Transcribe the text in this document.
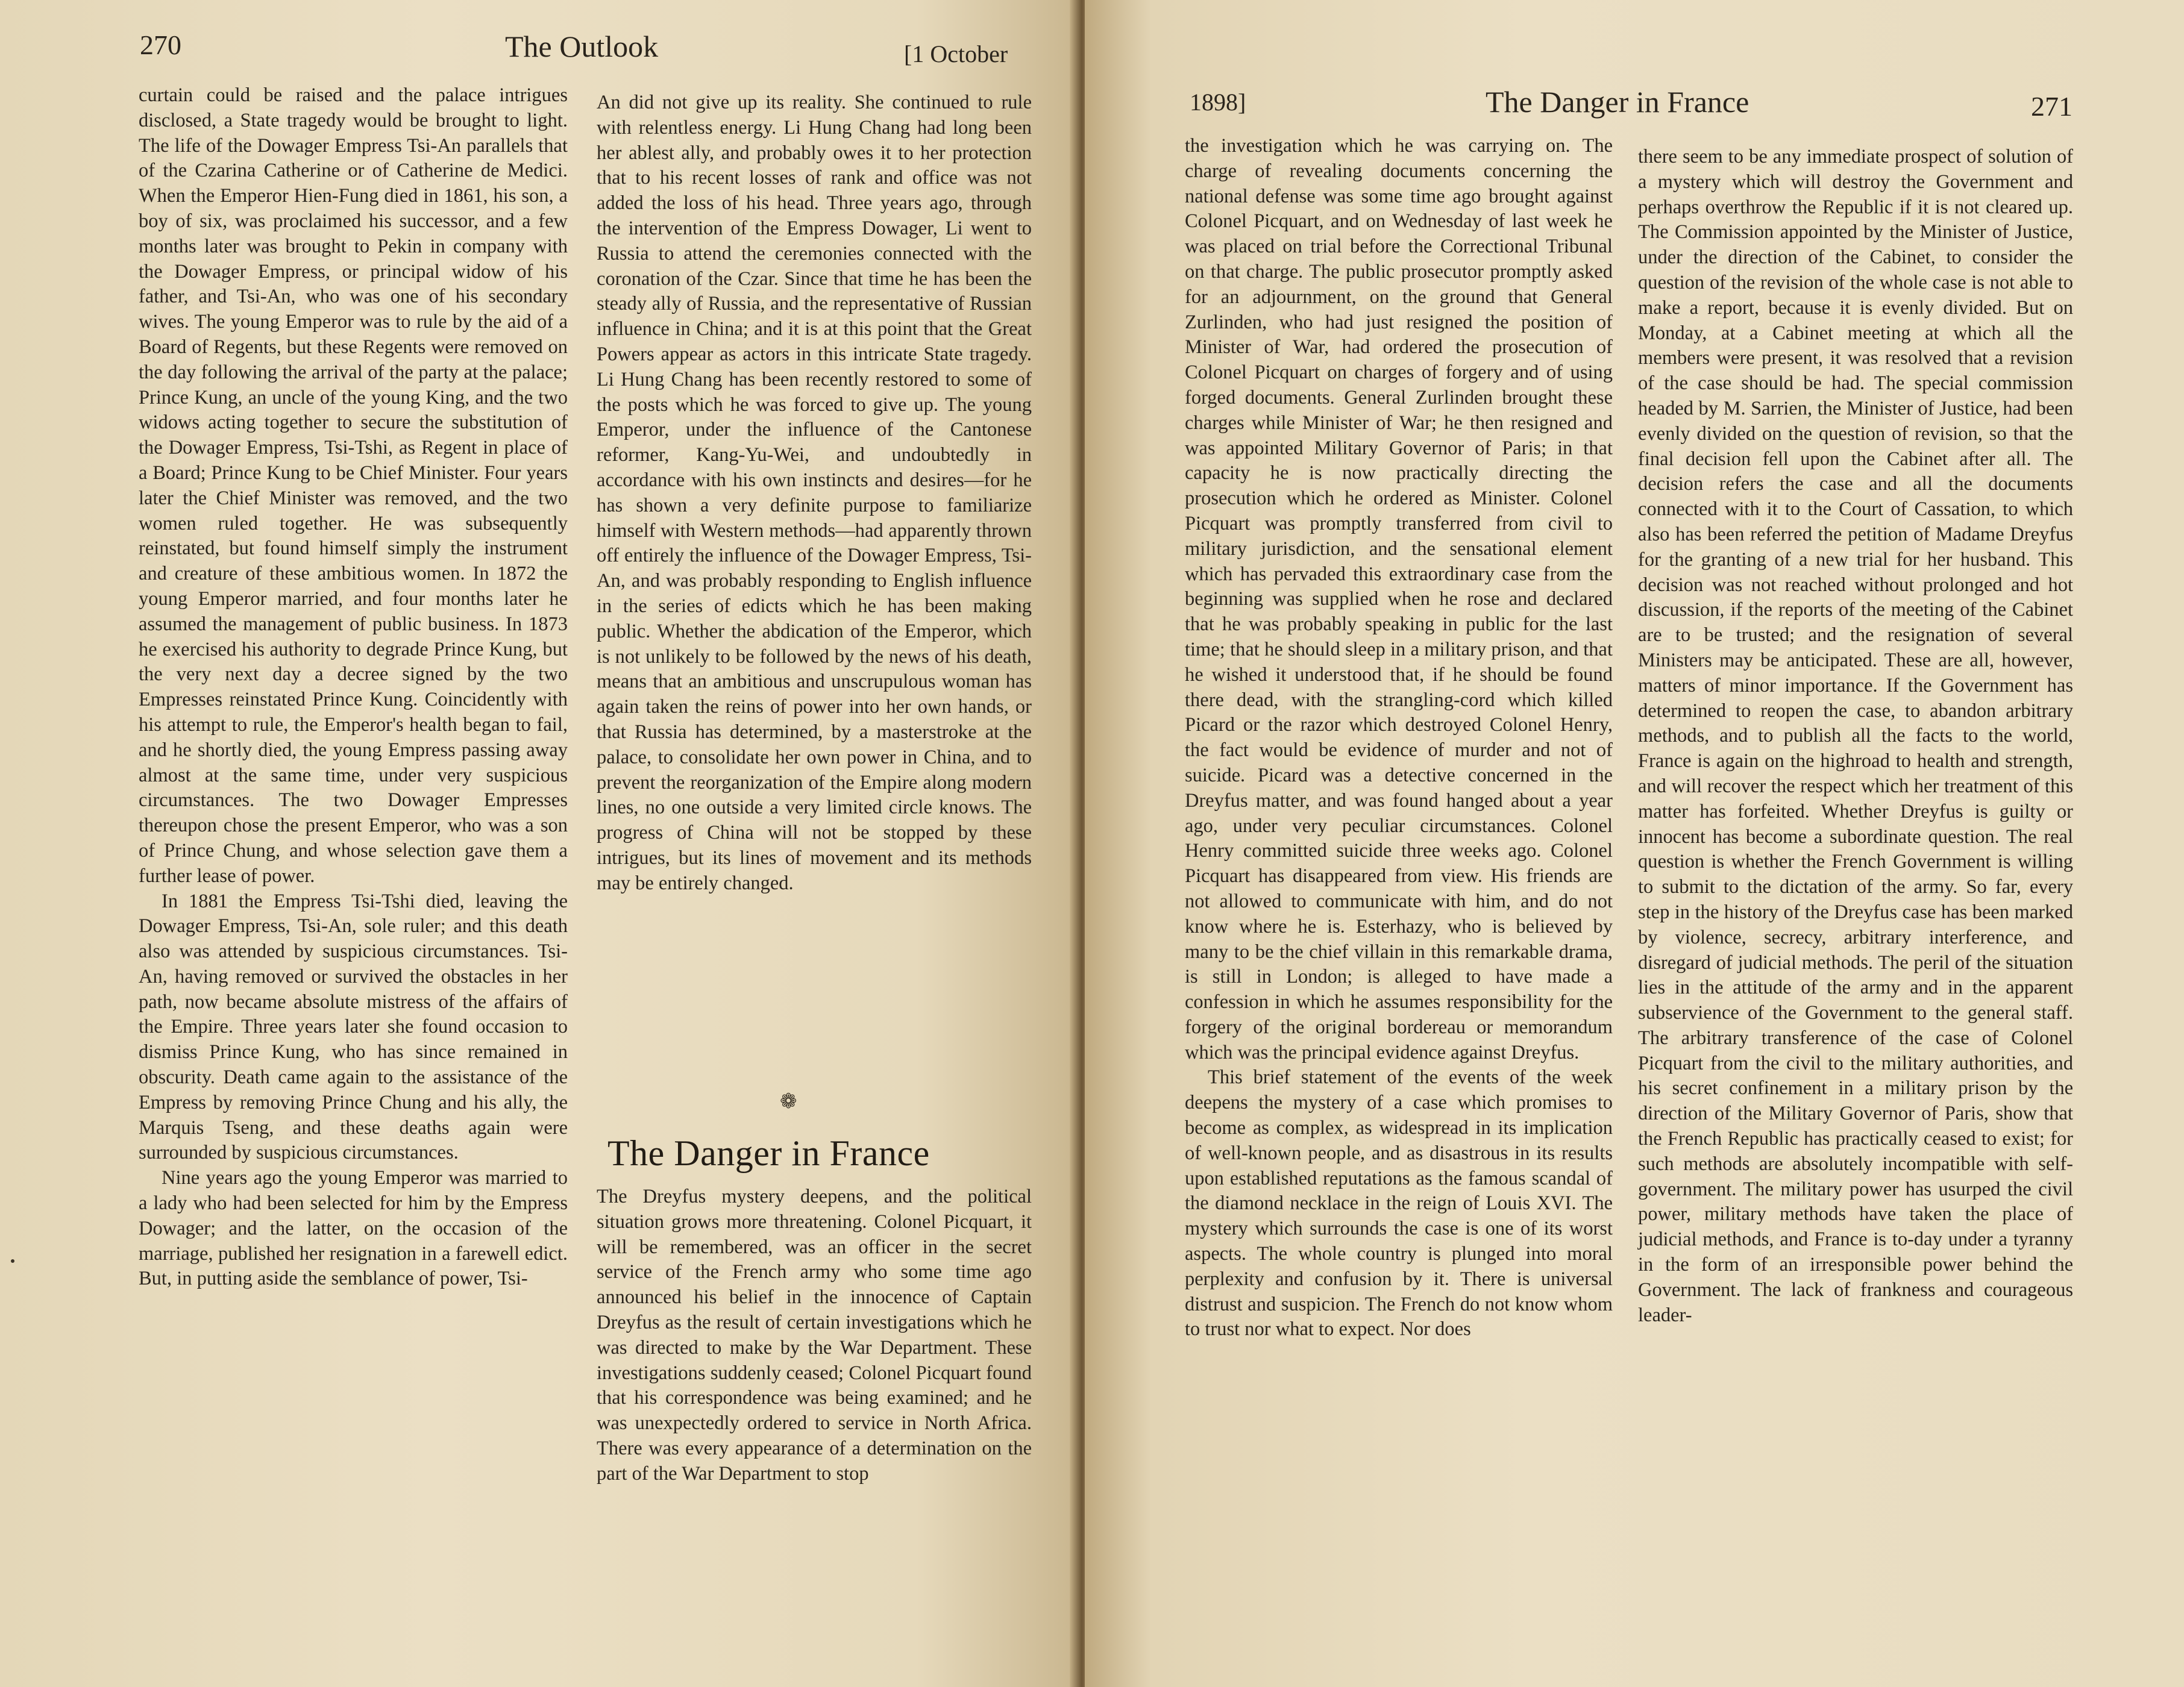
270	The Outlook	[1 October

curtain could be raised and the palace intrigues disclosed, a State tragedy would be brought to light. The life of the Dowager Empress Tsi-An parallels that of the Czarina Catherine or of Catherine de Medici. When the Emperor Hien-Fung died in 1861, his son, a boy of six, was proclaimed his successor, and a few months later was brought to Pekin in company with the Dowager Empress, or principal widow of his father, and Tsi-An, who was one of his secondary wives. The young Emperor was to rule by the aid of a Board of Regents, but these Regents were removed on the day following the arrival of the party at the palace; Prince Kung, an uncle of the young King, and the two widows acting together to secure the substitution of the Dowager Empress, Tsi-Tshi, as Regent in place of a Board; Prince Kung to be Chief Minister. Four years later the Chief Minister was removed, and the two women ruled together. He was subsequently reinstated, but found himself simply the instrument and creature of these ambitious women. In 1872 the young Emperor married, and four months later he assumed the management of public business. In 1873 he exercised his authority to degrade Prince Kung, but the very next day a decree signed by the two Empresses reinstated Prince Kung. Coincidently with his attempt to rule, the Emperor's health began to fail, and he shortly died, the young Empress passing away almost at the same time, under very suspicious circumstances. The two Dowager Empresses thereupon chose the present Emperor, who was a son of Prince Chung, and whose selection gave them a further lease of power.

In 1881 the Empress Tsi-Tshi died, leaving the Dowager Empress, Tsi-An, sole ruler; and this death also was attended by suspicious circumstances. Tsi-An, having removed or survived the obstacles in her path, now became absolute mistress of the affairs of the Empire. Three years later she found occasion to dismiss Prince Kung, who has since remained in obscurity. Death came again to the assistance of the Empress by removing Prince Chung and his ally, the Marquis Tseng, and these deaths again were surrounded by suspicious circumstances.

Nine years ago the young Emperor was married to a lady who had been selected for him by the Empress Dowager; and the latter, on the occasion of the marriage, published her resignation in a farewell edict. But, in putting aside the semblance of power, Tsi-

An did not give up its reality. She continued to rule with relentless energy. Li Hung Chang had long been her ablest ally, and probably owes it to her protection that to his recent losses of rank and office was not added the loss of his head. Three years ago, through the intervention of the Empress Dowager, Li went to Russia to attend the ceremonies connected with the coronation of the Czar. Since that time he has been the steady ally of Russia, and the representative of Russian influence in China; and it is at this point that the Great Powers appear as actors in this intricate State tragedy. Li Hung Chang has been recently restored to some of the posts which he was forced to give up. The young Emperor, under the influence of the Cantonese reformer, Kang-Yu-Wei, and undoubtedly in accordance with his own instincts and desires—for he has shown a very definite purpose to familiarize himself with Western methods—had apparently thrown off entirely the influence of the Dowager Empress, Tsi-An, and was probably responding to English influence in the series of edicts which he has been making public. Whether the abdication of the Emperor, which is not unlikely to be followed by the news of his death, means that an ambitious and unscrupulous woman has again taken the reins of power into her own hands, or that Russia has determined, by a masterstroke at the palace, to consolidate her own power in China, and to prevent the reorganization of the Empire along modern lines, no one outside a very limited circle knows. The progress of China will not be stopped by these intrigues, but its lines of movement and its methods may be entirely changed.

❁
The Danger in France

The Dreyfus mystery deepens, and the political situation grows more threatening. Colonel Picquart, it will be remembered, was an officer in the secret service of the French army who some time ago announced his belief in the innocence of Captain Dreyfus as the result of certain investigations which he was directed to make by the War Department. These investigations suddenly ceased; Colonel Picquart found that his correspondence was being examined; and he was unexpectedly ordered to service in North Africa. There was every appearance of a determination on the part of the War Department to stop

1898]	The Danger in France	271

the investigation which he was carrying on. The charge of revealing documents concerning the national defense was some time ago brought against Colonel Picquart, and on Wednesday of last week he was placed on trial before the Correctional Tribunal on that charge. The public prosecutor promptly asked for an adjournment, on the ground that General Zurlinden, who had just resigned the position of Minister of War, had ordered the prosecution of Colonel Picquart on charges of forgery and of using forged documents. General Zurlinden brought these charges while Minister of War; he then resigned and was appointed Military Governor of Paris; in that capacity he is now practically directing the prosecution which he ordered as Minister. Colonel Picquart was promptly transferred from civil to military jurisdiction, and the sensational element which has pervaded this extraordinary case from the beginning was supplied when he rose and declared that he was probably speaking in public for the last time; that he should sleep in a military prison, and that he wished it understood that, if he should be found there dead, with the strangling-cord which killed Picard or the razor which destroyed Colonel Henry, the fact would be evidence of murder and not of suicide. Picard was a detective concerned in the Dreyfus matter, and was found hanged about a year ago, under very peculiar circumstances. Colonel Henry committed suicide three weeks ago. Colonel Picquart has disappeared from view. His friends are not allowed to communicate with him, and do not know where he is. Esterhazy, who is believed by many to be the chief villain in this remarkable drama, is still in London; is alleged to have made a confession in which he assumes responsibility for the forgery of the original bordereau or memorandum which was the principal evidence against Dreyfus.

This brief statement of the events of the week deepens the mystery of a case which promises to become as complex, as widespread in its implication of well-known people, and as disastrous in its results upon established reputations as the famous scandal of the diamond necklace in the reign of Louis XVI. The mystery which surrounds the case is one of its worst aspects. The whole country is plunged into moral perplexity and confusion by it. There is universal distrust and suspicion. The French do not know whom to trust nor what to expect. Nor does

there seem to be any immediate prospect of solution of a mystery which will destroy the Government and perhaps overthrow the Republic if it is not cleared up. The Commission appointed by the Minister of Justice, under the direction of the Cabinet, to consider the question of the revision of the whole case is not able to make a report, because it is evenly divided. But on Monday, at a Cabinet meeting at which all the members were present, it was resolved that a revision of the case should be had. The special commission headed by M. Sarrien, the Minister of Justice, had been evenly divided on the question of revision, so that the final decision fell upon the Cabinet after all. The decision refers the case and all the documents connected with it to the Court of Cassation, to which also has been referred the petition of Madame Dreyfus for the granting of a new trial for her husband. This decision was not reached without prolonged and hot discussion, if the reports of the meeting of the Cabinet are to be trusted; and the resignation of several Ministers may be anticipated. These are all, however, matters of minor importance. If the Government has determined to reopen the case, to abandon arbitrary methods, and to publish all the facts to the world, France is again on the highroad to health and strength, and will recover the respect which her treatment of this matter has forfeited. Whether Dreyfus is guilty or innocent has become a subordinate question. The real question is whether the French Government is willing to submit to the dictation of the army. So far, every step in the history of the Dreyfus case has been marked by violence, secrecy, arbitrary interference, and disregard of judicial methods. The peril of the situation lies in the attitude of the army and in the apparent subservience of the Government to the general staff. The arbitrary transference of the case of Colonel Picquart from the civil to the military authorities, and his secret confinement in a military prison by the direction of the Military Governor of Paris, show that the French Republic has practically ceased to exist; for such methods are absolutely incompatible with self-government. The military power has usurped the civil power, military methods have taken the place of judicial methods, and France is to-day under a tyranny in the form of an irresponsible power behind the Government. The lack of frankness and courageous leader-
